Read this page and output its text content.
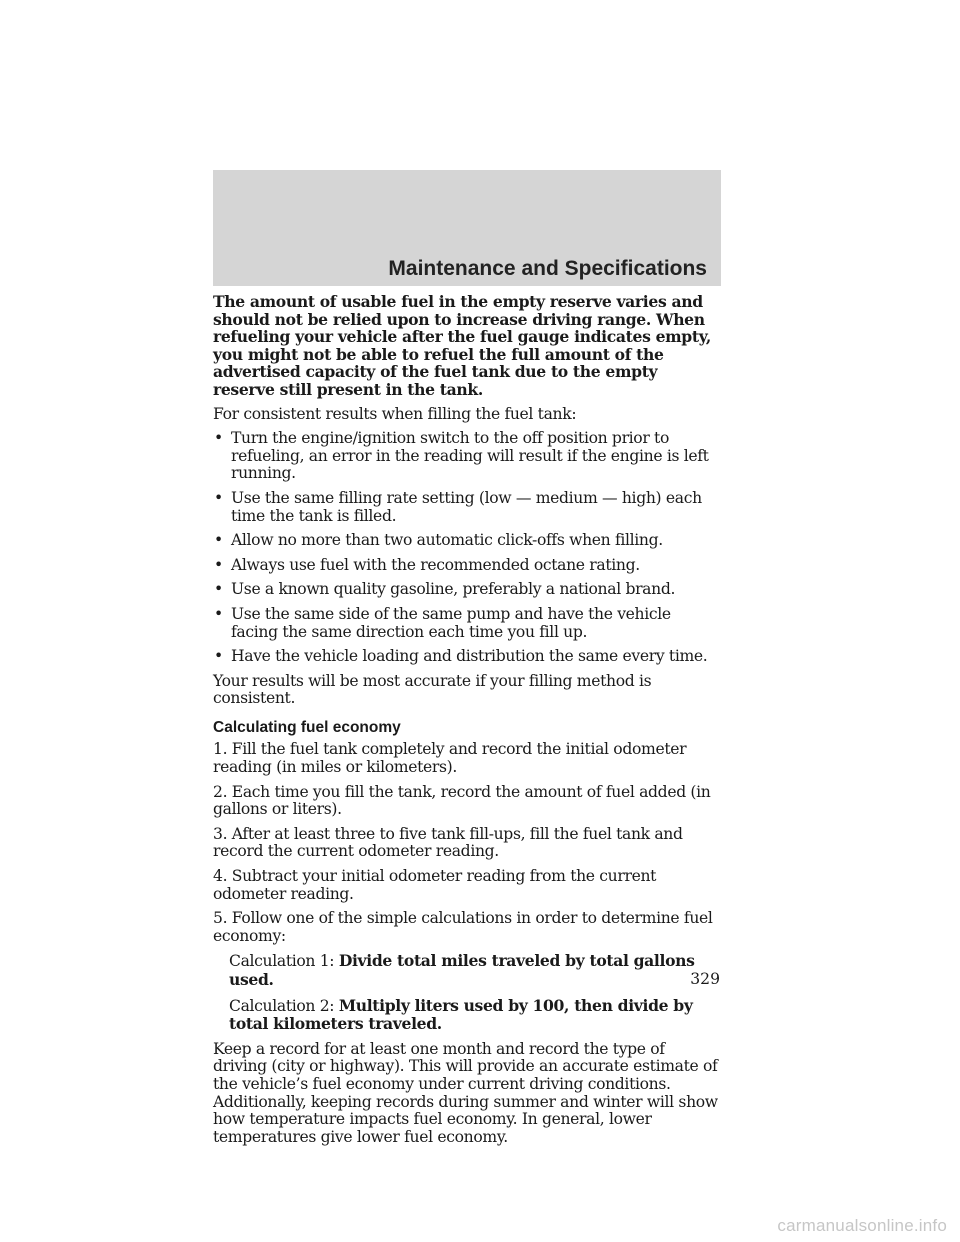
Maintenance and Specifications

The amount of usable fuel in the empty reserve varies and should not be relied upon to increase driving range. When refueling your vehicle after the fuel gauge indicates empty, you might not be able to refuel the full amount of the advertised capacity of the fuel tank due to the empty reserve still present in the tank.

For consistent results when filling the fuel tank:

• Turn the engine/ignition switch to the off position prior to refueling, an error in the reading will result if the engine is left running.
• Use the same filling rate setting (low — medium — high) each time the tank is filled.
• Allow no more than two automatic click-offs when filling.
• Always use fuel with the recommended octane rating.
• Use a known quality gasoline, preferably a national brand.
• Use the same side of the same pump and have the vehicle facing the same direction each time you fill up.
• Have the vehicle loading and distribution the same every time.

Your results will be most accurate if your filling method is consistent.

Calculating fuel economy

1. Fill the fuel tank completely and record the initial odometer reading (in miles or kilometers).

2. Each time you fill the tank, record the amount of fuel added (in gallons or liters).

3. After at least three to five tank fill-ups, fill the fuel tank and record the current odometer reading.

4. Subtract your initial odometer reading from the current odometer reading.

5. Follow one of the simple calculations in order to determine fuel economy:

Calculation 1: Divide total miles traveled by total gallons used.

Calculation 2: Multiply liters used by 100, then divide by total kilometers traveled.

Keep a record for at least one month and record the type of driving (city or highway). This will provide an accurate estimate of the vehicle’s fuel economy under current driving conditions. Additionally, keeping records during summer and winter will show how temperature impacts fuel economy. In general, lower temperatures give lower fuel economy.

329
carmanualsonline.info
